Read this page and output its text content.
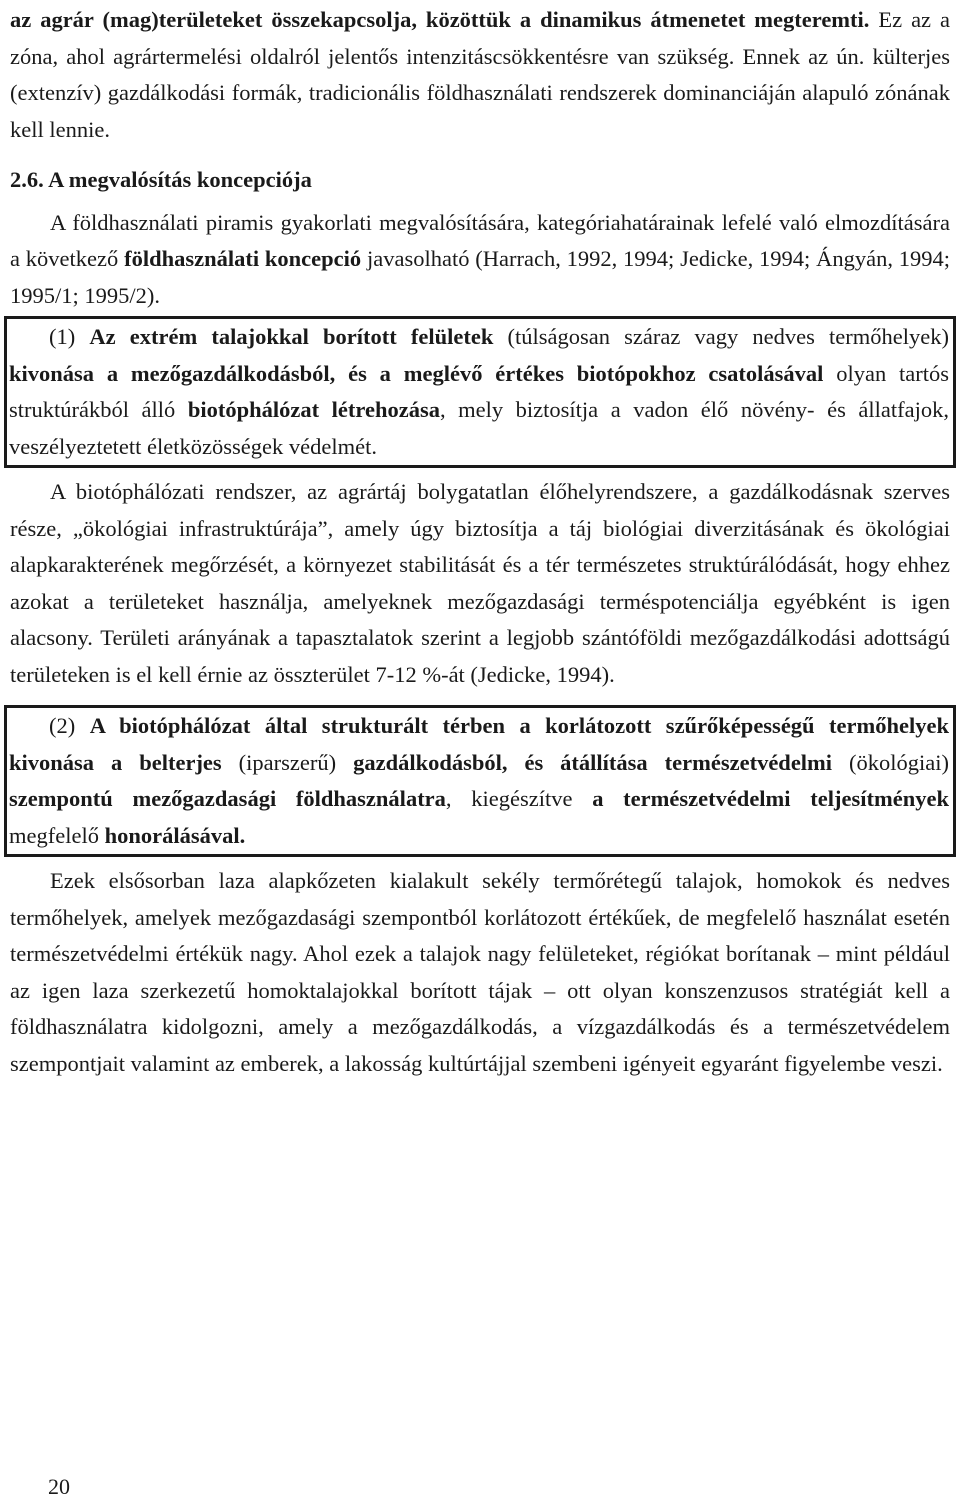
az agrár (mag)területeket összekapcsolja, közöttük a dinamikus átmenetet megteremti. Ez az a zóna, ahol agrártermelési oldalról jelentős intenzitáscsökkentésre van szükség. Ennek az ún. külterjes (extenzív) gazdálkodási formák, tradicionális földhasználati rendszerek dominanciáján alapuló zónának kell lennie.

2.6. A megvalósítás koncepciója

A földhasználati piramis gyakorlati megvalósítására, kategóriahatárainak lefelé való elmozdítására a következő földhasználati koncepció javasolható (Harrach, 1992, 1994; Jedicke, 1994; Ángyán, 1994; 1995/1; 1995/2).

(1) Az extrém talajokkal borított felületek (túlságosan száraz vagy nedves termőhelyek) kivonása a mezőgazdálkodásból, és a meglévő értékes biotópokhoz csatolásával olyan tartós struktúrákból álló biotóphálózat létrehozása, mely biztosítja a vadon élő növény- és állatfajok, veszélyeztetett életközösségek védelmét.

A biotóphálózati rendszer, az agrártáj bolygatatlan élőhelyrendszere, a gazdálkodásnak szerves része, „ökológiai infrastruktúrája”, amely úgy biztosítja a táj biológiai diverzitásának és ökológiai alapkarakterének megőrzését, a környezet stabilitását és a tér természetes struktúrálódását, hogy ehhez azokat a területeket használja, amelyeknek mezőgazdasági terméspotenciálja egyébként is igen alacsony. Területi arányának a tapasztalatok szerint a legjobb szántóföldi mezőgazdálkodási adottságú területeken is el kell érnie az összterület 7-12 %-át (Jedicke, 1994).

(2) A biotóphálózat által strukturált térben a korlátozott szűrőképességű termőhelyek kivonása a belterjes (iparszerű) gazdálkodásból, és átállítása természetvédelmi (ökológiai) szempontú mezőgazdasági földhasználatra, kiegészítve a természetvédelmi teljesítmények megfelelő honorálásával.

Ezek elsősorban laza alapkőzeten kialakult sekély termőrétegű talajok, homokok és nedves termőhelyek, amelyek mezőgazdasági szempontból korlátozott értékűek, de megfelelő használat esetén természetvédelmi értékük nagy. Ahol ezek a talajok nagy felületeket, régiókat borítanak – mint például az igen laza szerkezetű homoktalajokkal borított tájak – ott olyan konszenzusos stratégiát kell a földhasználatra kidolgozni, amely a mezőgazdálkodás, a vízgazdálkodás és a természetvédelem szempontjait valamint az emberek, a lakosság kultúrtájjal szembeni igényeit egyaránt figyelembe veszi.

20
